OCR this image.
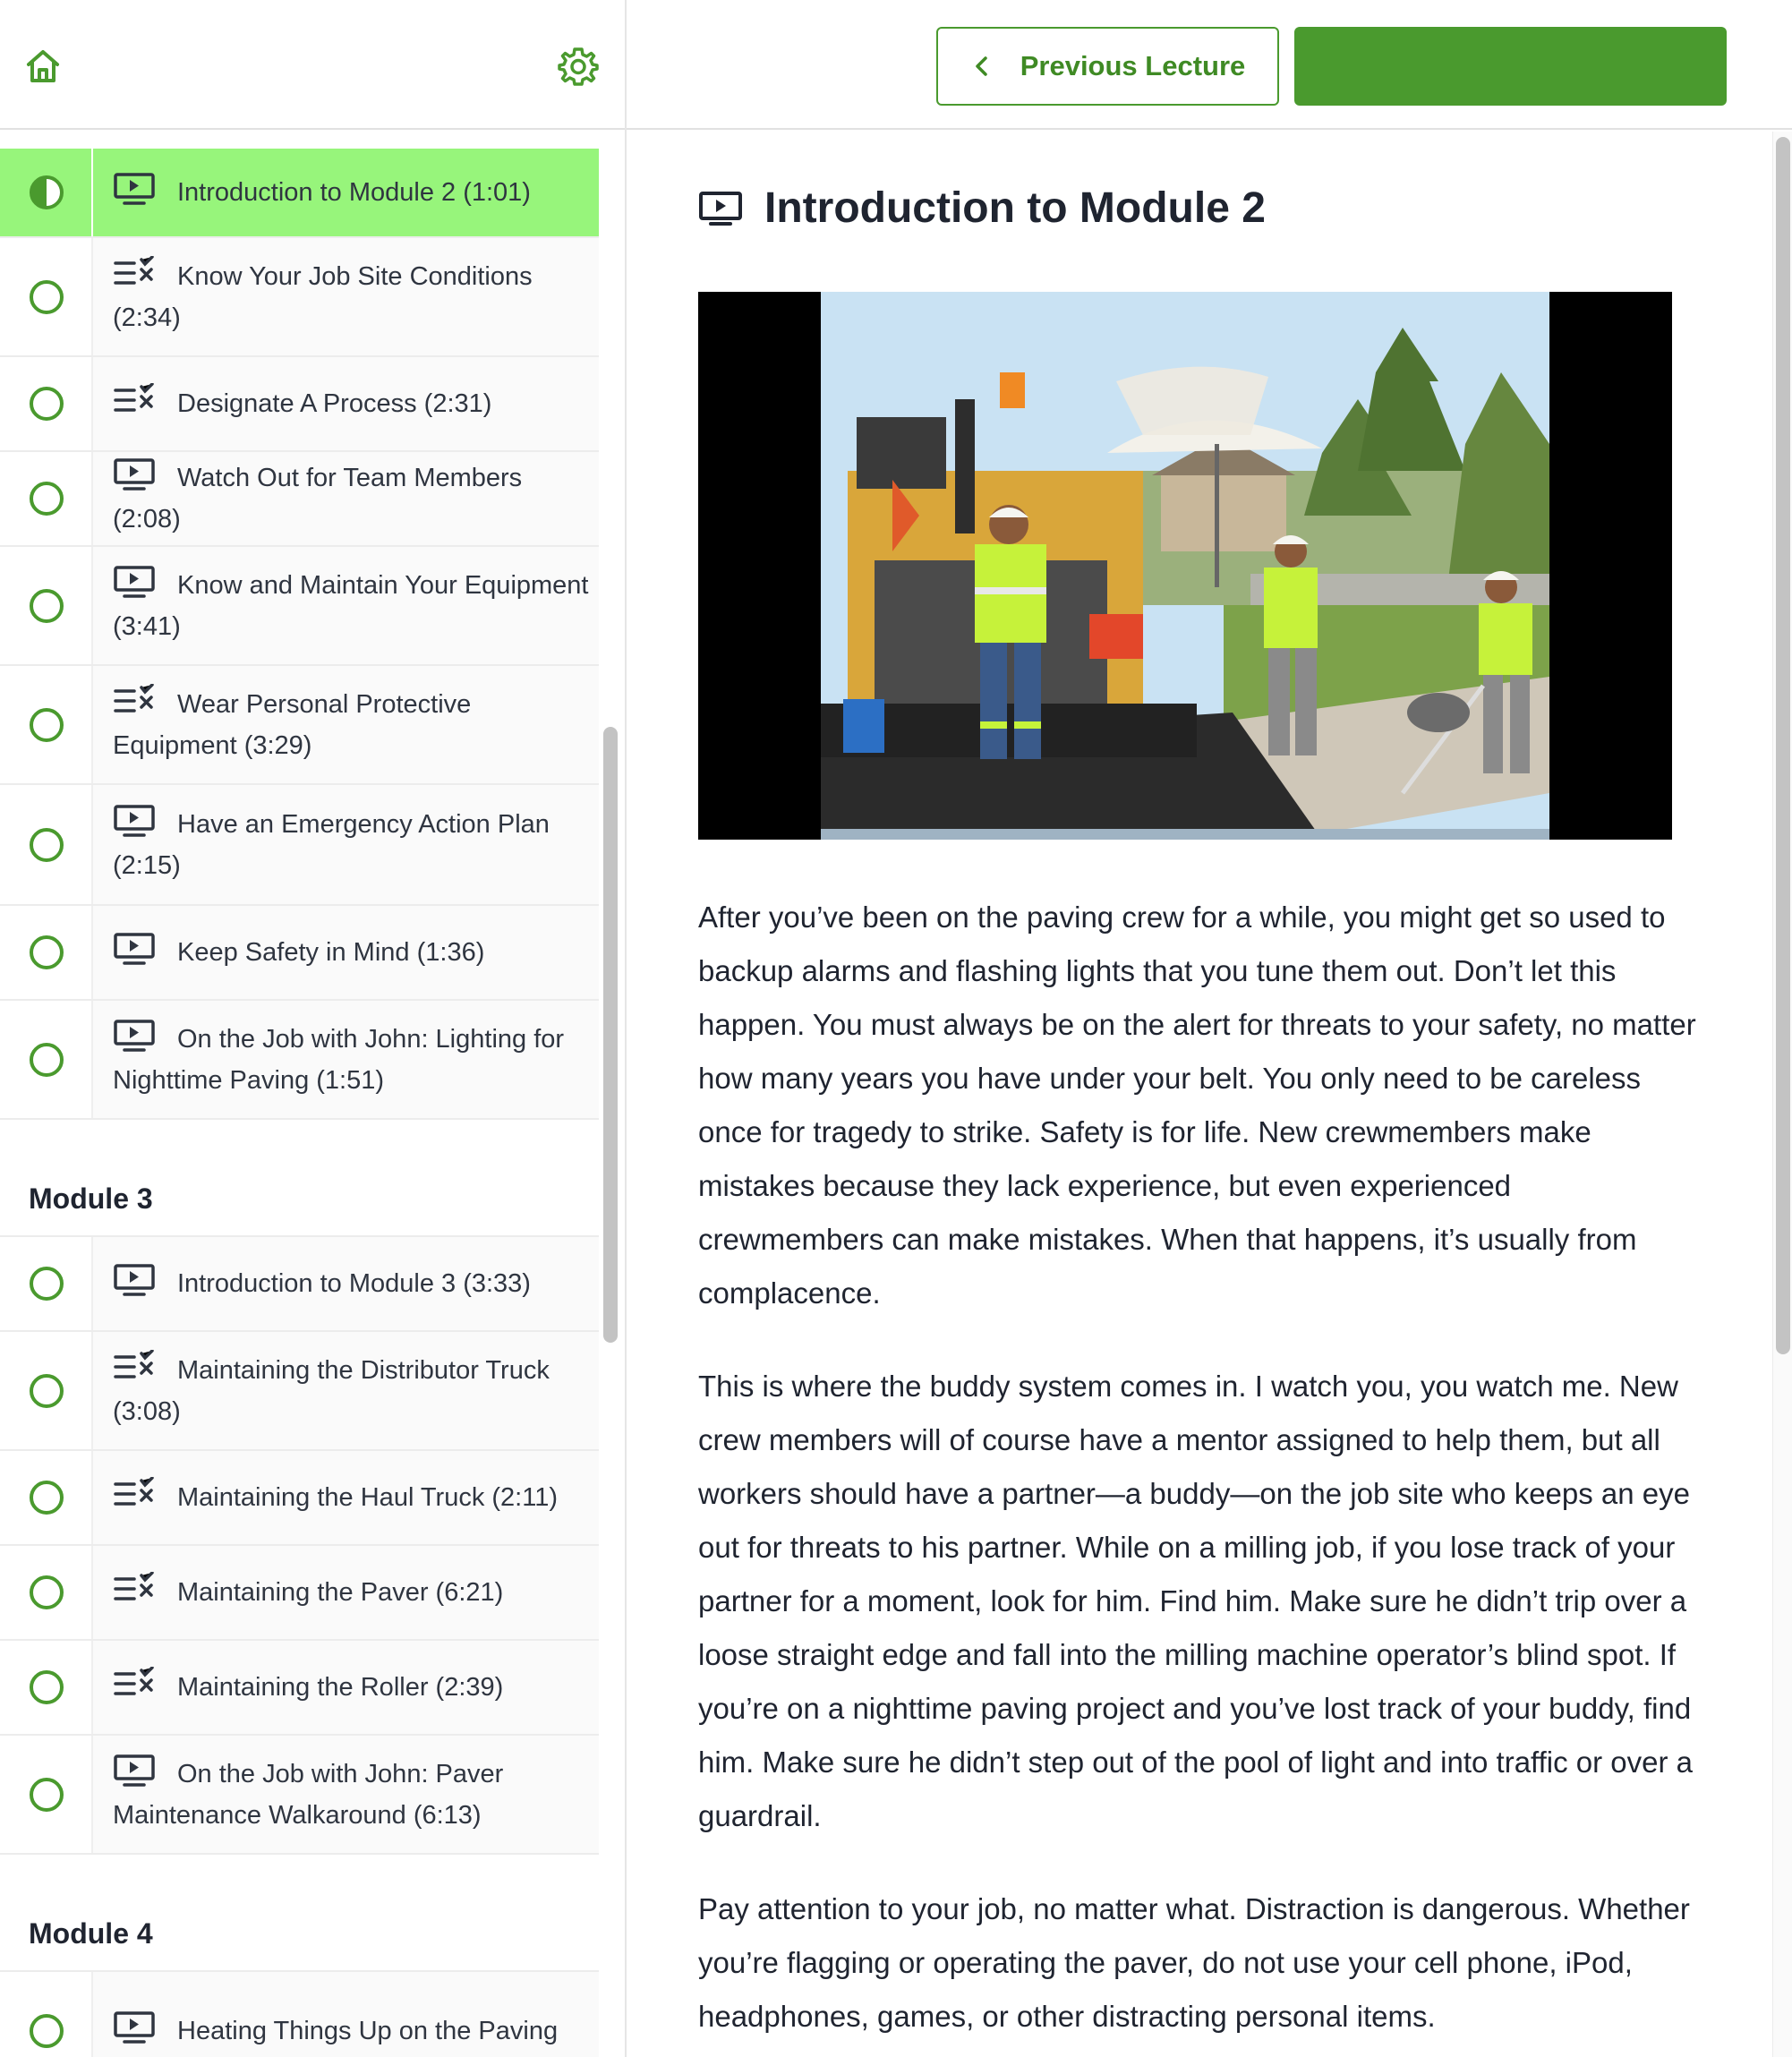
Introduction to Module 2 (1:01)
Know Your Job Site Conditions (2:34)
Designate A Process (2:31)
Watch Out for Team Members (2:08)
Know and Maintain Your Equipment (3:41)
Wear Personal Protective Equipment (3:29)
Have an Emergency Action Plan (2:15)
Keep Safety in Mind (1:36)
On the Job with John: Lighting for Nighttime Paving (1:51)
Module 3
Introduction to Module 3 (3:33)
Maintaining the Distributor Truck (3:08)
Maintaining the Haul Truck (2:11)
Maintaining the Paver (6:21)
Maintaining the Roller (2:39)
On the Job with John: Paver Maintenance Walkaround (6:13)
Module 4
Heating Things Up on the Paving
Previous Lecture
Introduction to Module 2

After you’ve been on the paving crew for a while, you might get so used to backup alarms and flashing lights that you tune them out. Don’t let this happen. You must always be on the alert for threats to your safety, no matter how many years you have under your belt. You only need to be careless once for tragedy to strike. Safety is for life. New crewmembers make mistakes because they lack experience, but even experienced crewmembers can make mistakes. When that happens, it’s usually from complacence.

This is where the buddy system comes in. I watch you, you watch me. New crew members will of course have a mentor assigned to help them, but all workers should have a partner—a buddy—on the job site who keeps an eye out for threats to his partner. While on a milling job, if you lose track of your partner for a moment, look for him. Find him. Make sure he didn’t trip over a loose straight edge and fall into the milling machine operator’s blind spot. If you’re on a nighttime paving project and you’ve lost track of your buddy, find him. Make sure he didn’t step out of the pool of light and into traffic or over a guardrail.

Pay attention to your job, no matter what. Distraction is dangerous. Whether you’re flagging or operating the paver, do not use your cell phone, iPod, headphones, games, or other distracting personal items.
